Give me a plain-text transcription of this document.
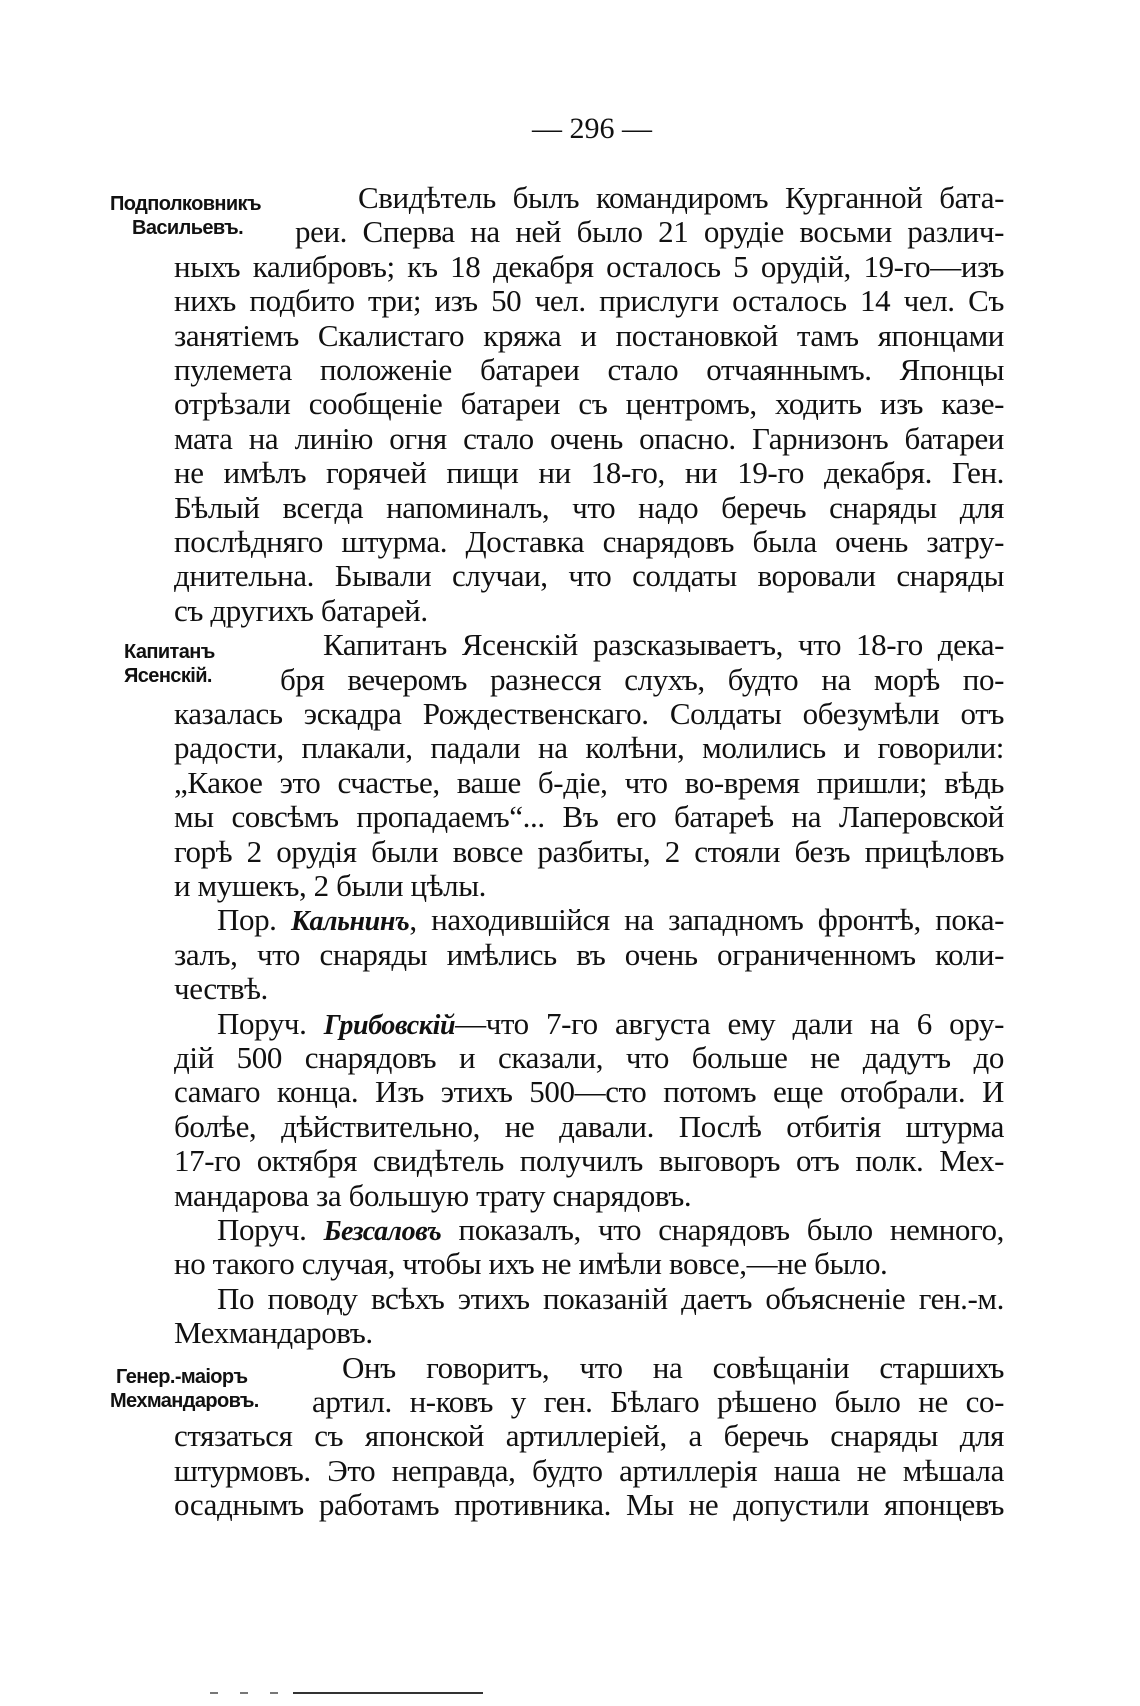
— 296 —
Подполковникъ
Васильевъ.
Капитанъ
Ясенскiй.
Генер.-маiоръ
Мехмандаровъ.
Свидѣтель былъ командиромъ Курганной бата-
реи. Сперва на ней было 21 орудiе восьми различ-
ныхъ калибровъ; къ 18 декабря осталось 5 орудiй, 19-го—изъ
нихъ подбито три; изъ 50 чел. прислуги осталось 14 чел. Съ
занятiемъ Скалистаго кряжа и постановкой тамъ японцами
пулемета положенiе батареи стало отчаяннымъ. Японцы
отрѣзали сообщенiе батареи съ центромъ, ходить изъ казе-
мата на линiю огня стало очень опасно. Гарнизонъ батареи
не имѣлъ горячей пищи ни 18-го, ни 19-го декабря. Ген.
Бѣлый всегда напоминалъ, что надо беречь снаряды для
послѣдняго штурма. Доставка снарядовъ была очень затру-
днительна. Бывали случаи, что солдаты воровали снаряды
съ другихъ батарей.
Капитанъ Ясенскiй разсказываетъ, что 18-го дека-
бря вечеромъ разнесся слухъ, будто на морѣ по-
казалась эскадра Рождественскаго. Солдаты обезумѣли отъ
радости, плакали, падали на колѣни, молились и говорили:
„Какое это счастье, ваше б-дiе, что во-время пришли; вѣдь
мы совсѣмъ пропадаемъ“... Въ его батареѣ на Лаперовской
горѣ 2 орудiя были вовсе разбиты, 2 стояли безъ прицѣловъ
и мушекъ, 2 были цѣлы.
Пор. Кальнинъ, находившiйся на западномъ фронтѣ, пока-
залъ, что снаряды имѣлись въ очень ограниченномъ коли-
чествѣ.
Поруч. Грибовскiй—что 7-го августа ему дали на 6 ору-
дiй 500 снарядовъ и сказали, что больше не дадутъ до
самаго конца. Изъ этихъ 500—сто потомъ еще отобрали. И
болѣе, дѣйствительно, не давали. Послѣ отбитiя штурма
17-го октября свидѣтель получилъ выговоръ отъ полк. Мех-
мандарова за большую трату снарядовъ.
Поруч. Безсаловъ показалъ, что снарядовъ было немного,
но такого случая, чтобы ихъ не имѣли вовсе,—не было.
По поводу всѣхъ этихъ показанiй даетъ объясненiе ген.-м.
Мехмандаровъ.
Онъ говоритъ, что на совѣщанiи старшихъ
артил. н-ковъ у ген. Бѣлаго рѣшено было не со-
стязаться съ японской артиллерiей, а беречь снаряды для
штурмовъ. Это неправда, будто артиллерiя наша не мѣшала
осаднымъ работамъ противника. Мы не допустили японцевъ
